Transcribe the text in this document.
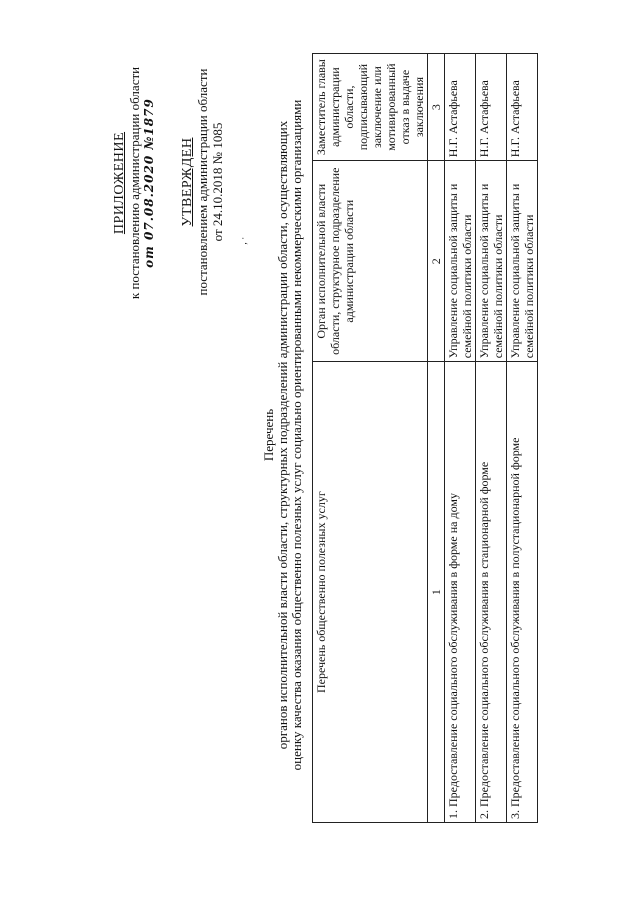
ПРИЛОЖЕНИЕ к постановлению администрации области от 07.08.2020 №1879 УТВЕРЖДЕН постановлением администрации области от 24.10.2018 № 1085 ‚ ·
Перечень органов исполнительной власти области, структурных подразделений администрации области, осуществляющих оценку качества оказания общественно полезных услуг социально ориентированными некоммерческими организациями Перечень общественно полезных услуг	Орган исполнительной власти области, структурное подразделение администрации области	Заместитель главы администрации области, подписывающий заключение или мотивированный отказ в выдаче заключения
1	2	3
1. Предоставление социального обслуживания в форме на дому	Управление социальной защиты и семейной политики области	Н.Г. Астафьева
2. Предоставление социального обслуживания в стационарной форме	Управление социальной защиты и семейной политики области	Н.Г. Астафьева
3. Предоставление социального обслуживания в полустационарной форме	Управление социальной защиты и семейной политики области	Н.Г. Астафьева
